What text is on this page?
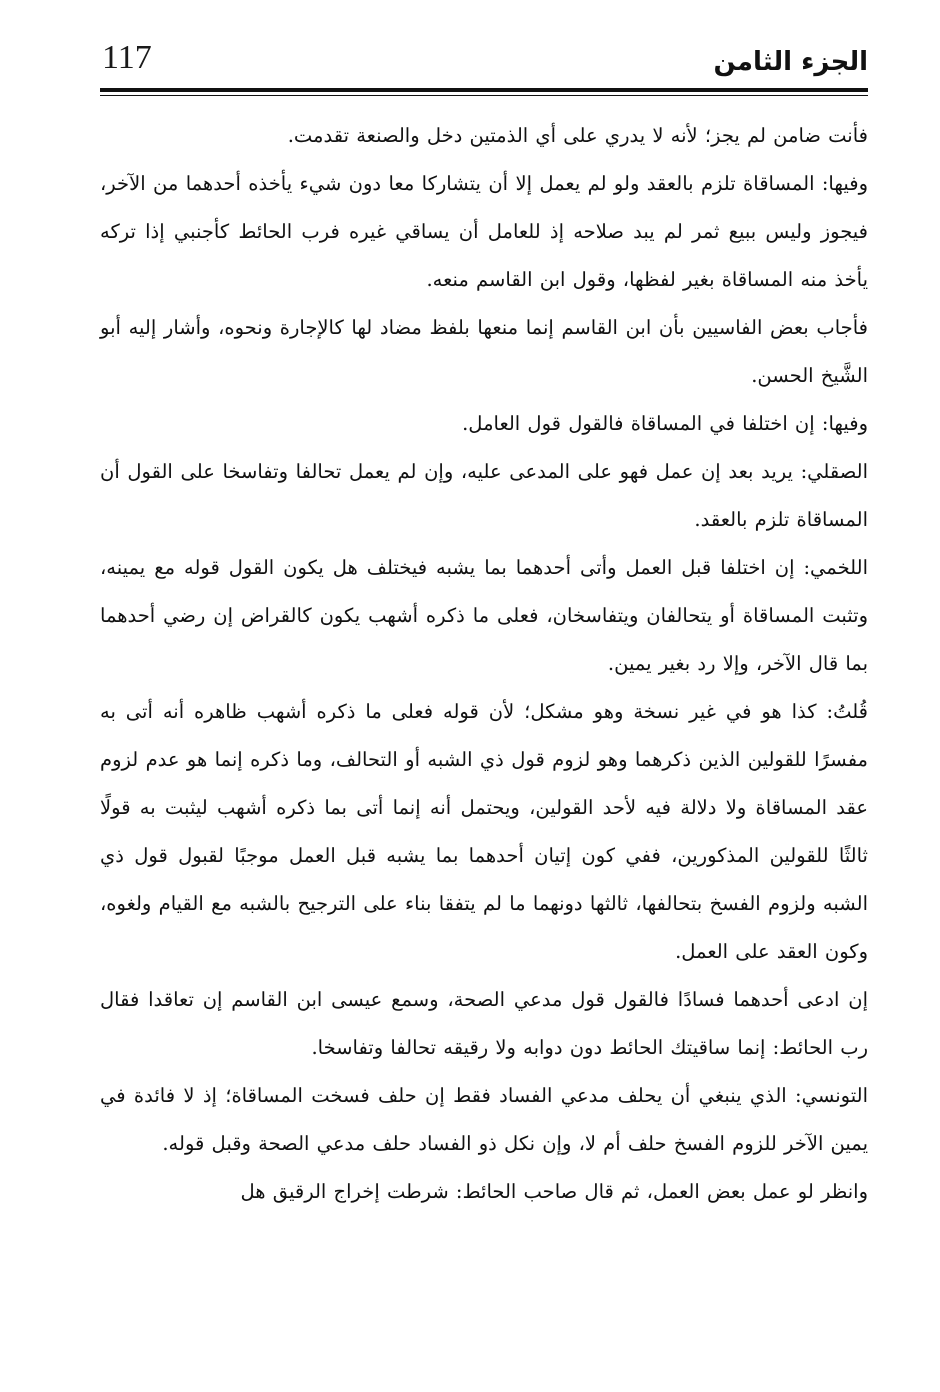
117	الجزء الثامن

فأنت ضامن لم يجز؛ لأنه لا يدري على أي الذمتين دخل والصنعة تقدمت.

وفيها: المساقاة تلزم بالعقد ولو لم يعمل إلا أن يتشاركا معا دون شيء يأخذه أحدهما من الآخر، فيجوز وليس ببيع ثمر لم يبد صلاحه إذ للعامل أن يساقي غيره فرب الحائط كأجنبي إذا تركه يأخذ منه المساقاة بغير لفظها، وقول ابن القاسم منعه.

فأجاب بعض الفاسيين بأن ابن القاسم إنما منعها بلفظ مضاد لها كالإجارة ونحوه، وأشار إليه أبو الشَّيخ الحسن.

وفيها: إن اختلفا في المساقاة فالقول قول العامل.

الصقلي: يريد بعد إن عمل فهو على المدعى عليه، وإن لم يعمل تحالفا وتفاسخا على القول أن المساقاة تلزم بالعقد.

اللخمي: إن اختلفا قبل العمل وأتى أحدهما بما يشبه فيختلف هل يكون القول قوله مع يمينه، وتثبت المساقاة أو يتحالفان ويتفاسخان، فعلى ما ذكره أشهب يكون كالقراض إن رضي أحدهما بما قال الآخر، وإلا رد بغير يمين.

قُلتُ: كذا هو في غير نسخة وهو مشكل؛ لأن قوله فعلى ما ذكره أشهب ظاهره أنه أتى به مفسرًا للقولين الذين ذكرهما وهو لزوم قول ذي الشبه أو التحالف، وما ذكره إنما هو عدم لزوم عقد المساقاة ولا دلالة فيه لأحد القولين، ويحتمل أنه إنما أتى بما ذكره أشهب ليثبت به قولًا ثالثًا للقولين المذكورين، ففي كون إتيان أحدهما بما يشبه قبل العمل موجبًا لقبول قول ذي الشبه ولزوم الفسخ بتحالفها، ثالثها دونهما ما لم يتفقا بناء على الترجيح بالشبه مع القيام ولغوه، وكون العقد على العمل.

إن ادعى أحدهما فسادًا فالقول قول مدعي الصحة، وسمع عيسى ابن القاسم إن تعاقدا فقال رب الحائط: إنما ساقيتك الحائط دون دوابه ولا رقيقه تحالفا وتفاسخا.

التونسي: الذي ينبغي أن يحلف مدعي الفساد فقط إن حلف فسخت المساقاة؛ إذ لا فائدة في يمين الآخر للزوم الفسخ حلف أم لا، وإن نكل ذو الفساد حلف مدعي الصحة وقبل قوله.

وانظر لو عمل بعض العمل، ثم قال صاحب الحائط: شرطت إخراج الرقيق هل
